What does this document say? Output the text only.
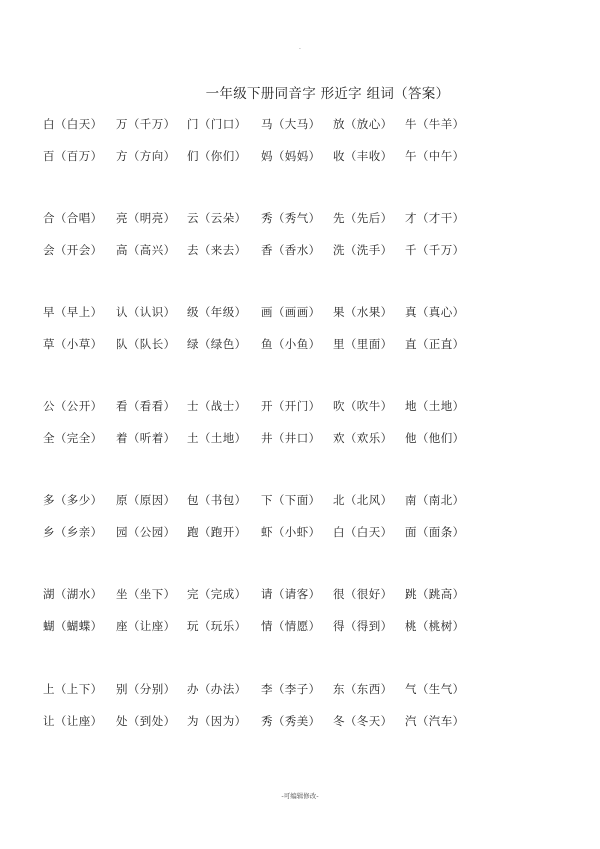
.
一年级下册同音字 形近字 组词（答案）
白（白天） 万（千万） 门（门口） 马（大马） 放（放心） 牛（牛羊）
百（百万） 方（方向） 们（你们） 妈（妈妈） 收（丰收） 午（中午）
合（合唱） 亮（明亮） 云（云朵） 秀（秀气） 先（先后） 才（才干）
会（开会） 高（高兴） 去（来去） 香（香水） 洗（洗手） 千（千万）
早（早上） 认（认识） 级（年级） 画（画画） 果（水果） 真（真心）
草（小草） 队（队长） 绿（绿色） 鱼（小鱼） 里（里面） 直（正直）
公（公开） 看（看看） 士（战士） 开（开门） 吹（吹牛） 地（土地）
全（完全） 着（听着） 土（土地） 井（井口） 欢（欢乐） 他（他们）
多（多少） 原（原因） 包（书包） 下（下面） 北（北风） 南（南北）
乡（乡亲） 园（公园） 跑（跑开） 虾（小虾） 白（白天） 面（面条）
湖（湖水） 坐（坐下） 完（完成） 请（请客） 很（很好） 跳（跳高）
蝴（蝴蝶） 座（让座） 玩（玩乐） 情（情愿） 得（得到） 桃（桃树）
上（上下） 别（分别） 办（办法） 李（李子） 东（东西） 气（生气）
让（让座） 处（到处） 为（因为） 秀（秀美） 冬（冬天） 汽（汽车）
-可编辑修改-
